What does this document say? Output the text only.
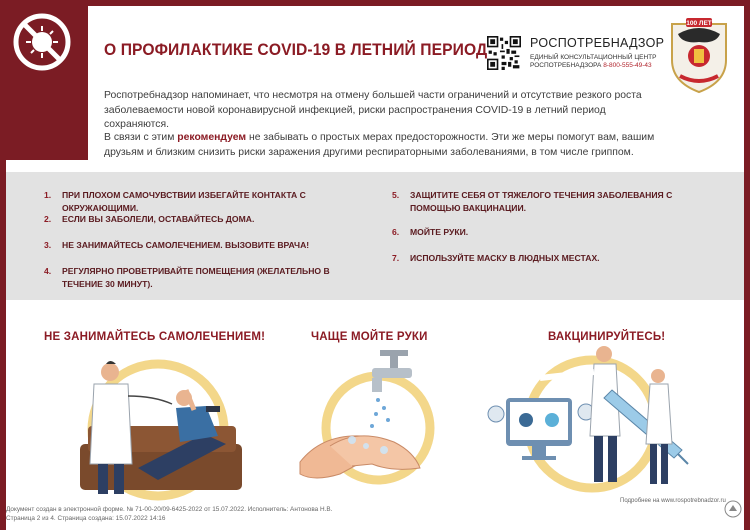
О ПРОФИЛАКТИКЕ COVID-19 В ЛЕТНИЙ ПЕРИОД	РОСПОТРЕБНАДЗОР
ЕДИНЫЙ КОНСУЛЬТАЦИОННЫЙ ЦЕНТР
РОСПОТРЕБНАДЗОРА 8-800-555-49-43
100 ЛЕТ
Роспотребнадзор напоминает, что несмотря на отмену большей части ограничений и отсутствие резкого роста заболеваемости новой коронавирусной инфекцией, риски распространения COVID-19 в летний период сохраняются.
В связи с этим рекомендуем не забывать о простых мерах предосторожности. Эти же меры помогут вам, вашим друзьям и близким снизить риски заражения другими респираторными заболеваниями, в том числе гриппом.
1.	ПРИ ПЛОХОМ САМОЧУВСТВИИ ИЗБЕГАЙТЕ КОНТАКТА С ОКРУЖАЮЩИМИ.
2.	ЕСЛИ ВЫ ЗАБОЛЕЛИ, ОСТАВАЙТЕСЬ ДОМА.
3.	НЕ ЗАНИМАЙТЕСЬ САМОЛЕЧЕНИЕМ. ВЫЗОВИТЕ ВРАЧА!
4.	РЕГУЛЯРНО ПРОВЕТРИВАЙТЕ ПОМЕЩЕНИЯ (ЖЕЛАТЕЛЬНО В ТЕЧЕНИЕ 30 МИНУТ).
5.	ЗАЩИТИТЕ СЕБЯ ОТ ТЯЖЕЛОГО ТЕЧЕНИЯ ЗАБОЛЕВАНИЯ С ПОМОЩЬЮ ВАКЦИНАЦИИ.
6.	МОЙТЕ РУКИ.
7.	ИСПОЛЬЗУЙТЕ МАСКУ В ЛЮДНЫХ МЕСТАХ.
НЕ ЗАНИМАЙТЕСЬ САМОЛЕЧЕНИЕМ!	ЧАЩЕ МОЙТЕ РУКИ	ВАКЦИНИРУЙТЕСЬ!
Подробнее на www.rospotrebnadzor.ru
Документ создан в электронной форме. № 71-00-20/09-6425-2022 от 15.07.2022. Исполнитель: Антонова Н.В.
Страница 2 из 4. Страница создана: 15.07.2022 14:16
